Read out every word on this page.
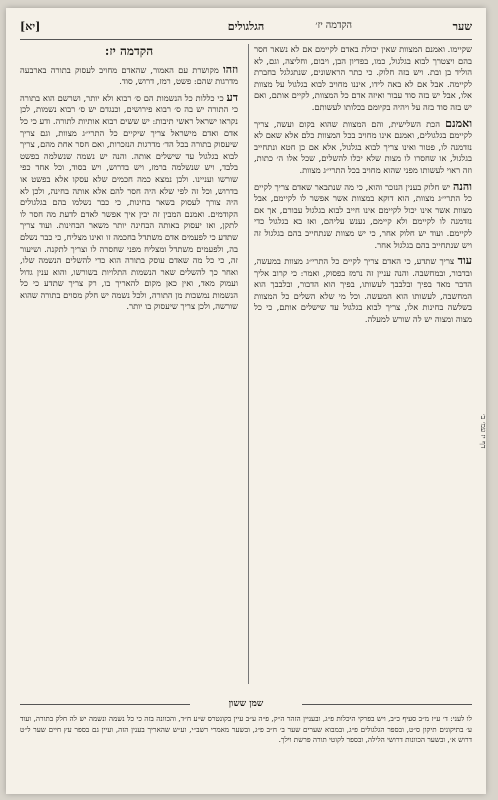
שער
הקדמה יז׳
הגלגולים
[יא]

שקיימו. ואמנם המצוות שאין יכולת באדם לקיימם אם לא נשאר חסר בהם ויצטרך לבוא בגלגול, כמו, בפדיון הבן, ויבום, וחליצה, וגם, לא הוליד בן ובת. ויש בזה חלוק. כי כתר הראשונים, שנתגלגל בחברת לקיימה. אבל אם לא באה לידו, איננו מחויב לבוא בגלגול על מצוות אלו, אבל יש בזה סוד עבור ואיזה אדם כל המצוות, לקיים אותם, ואם יש בזה סוד בזה על ויהיה בקיומם בכלותו לעשותם.

ואמנם הכת השלישית, והם המצוות שהוא בקום ועשה, צריך לקיימם בגלגולים, ואמנם אינו מחויב בכל המצוות כלם אלא שאם לא נזדמנה לו, פטור ואינו צריך לבוא בגלגול, אלא אם כן חטא ונתחייב בגלגול, או שחסרו לו מצות שלא יכלו להשלים, שכל אלו ה׳ כתות, וזה ראוי לעשותו מפני שהוא מחויב בכל התרי״ג מצוות.

והנה יש חלוק בענין הנזכר והוא, כי מה שנתבאר שאדם צריך לקיים כל התרי״ג מצוות, הוא דוקא במצוות אשר אפשר לו לקיימם, אבל מצוות אשר אינו יכול לקיימם אינו חייב לבוא בגלגול עבורם, אך אם נזדמנה לו לקיימם ולא קיימם, נענש עליהם, ואז בא בגלגול כדי לקיימם. ועוד יש חלוק אחר, כי יש מצוות שנתחייב בהם בגלגול זה ויש שנתחייב בהם בגלגול אחר.

עוד צריך שתדע, כי האדם צריך לקיים כל התרי״ג מצוות במעשה, ובדבור, ובמחשבה. והנה עניין זה נרמז בפסוק, ואמר: כי קרוב אליך הדבר מאד בפיך ובלבבך לעשותו, בפיך הוא הדבור, ובלבבך הוא המחשבה, לעשותו הוא המעשה. וכל מי שלא השלים כל המצוות בשלשה בחינות אלו, צריך לבוא בגלגול עד שישלים אותם, כי כל מצוה ומצוה יש לה שורש למעלה.

הקדמה יז:

וזהו מקושרת עם האמור, שהאדם מחויב לעסוק בתורה בארבעה מדרגות שהם: פשט, רמז, דרוש, סוד.

דע כי כללות כל הנשמות הם ס׳ רבוא ולא יותר, ושרשם הוא בתורה כי התורה יש בה ס׳ רבוא פירושים, וכנגדם יש ס׳ רבוא נשמות, לכן נקראו ישראל ראשי תיבות: יש ששים רבוא אותיות לתורה. ודע כי כל אדם ואדם מישראל צריך שיקיים כל התרי״ג מצוות, וגם צריך שיעסוק בתורה בכל הד׳ מדרגות הנזכרות, ואם חסר אחת מהם, צריך לבוא בגלגול עד שישלים אותה. והנה יש נשמה שנשלמה בפשט בלבד, ויש שנשלמה ברמז, ויש בדרוש, ויש בסוד, וכל אחד כפי שורשו ועניינו. ולכן נמצא כמה חכמים שלא עסקו אלא בפשט או בדרוש, וכל זה לפי שלא היה חסר להם אלא אותה בחינה, ולכן לא היה צורך לעסוק בשאר בחינות, כי כבר נשלמו בהם בגלגולים הקודמים. ואמנם המבין זה יבין איך אפשר לאדם לדעת מה חסר לו לתקן, ואז יעסוק באותה הבחינה יותר משאר הבחינות. ועוד צריך שתדע כי לפעמים אדם משתדל בחכמה זו ואינו מצליח, כי כבר נשלם בה, ולפעמים משתדל ומצליח מפני שחסרה לו וצריך לתקנה. ושיעור זה, כי כל מה שאדם עוסק בתורה הוא כדי להשלים הנשמה שלו, ואחר כך להשלים שאר הנשמות התלויות בשורשו, והוא ענין גדול ועמוק מאד, ואין כאן מקום להאריך בו, רק צריך שתדע כי כל הנשמות נמשכות מן התורה, ולכל נשמה יש חלק מסוים בתורה שהוא שורשה, ולכן צריך שיעסוק בו יותר.

דף יז עמ׳ ב׳
שמן ששון
לו לעני: ד׳ ע״ז מ״ב סעיף כ״ב, ויש בפרקי היכלות פ״ג, ובעניין הזהר ה״ק, פ״ה ע״ב עיין בקונטרס ש״ע ח״ד, והכוונה בזה כי כל נשמה ונשמה יש לה חלק בתורה, ועוד ע׳ בתיקונים תיקון ס״ט, ובספר הגלגולים פ״ג, ובמבוא שערים שער ב׳ ח״ב פ״ג, ובשער מאמרי רשב״י, וע״ש שהאריך בענין הזה, ועיין גם בספר עץ חיים שער ל״ט דרוש א׳, ובשער הכוונות דרושי הלילה, ובספר לקוטי תורה פרשת וילך.
